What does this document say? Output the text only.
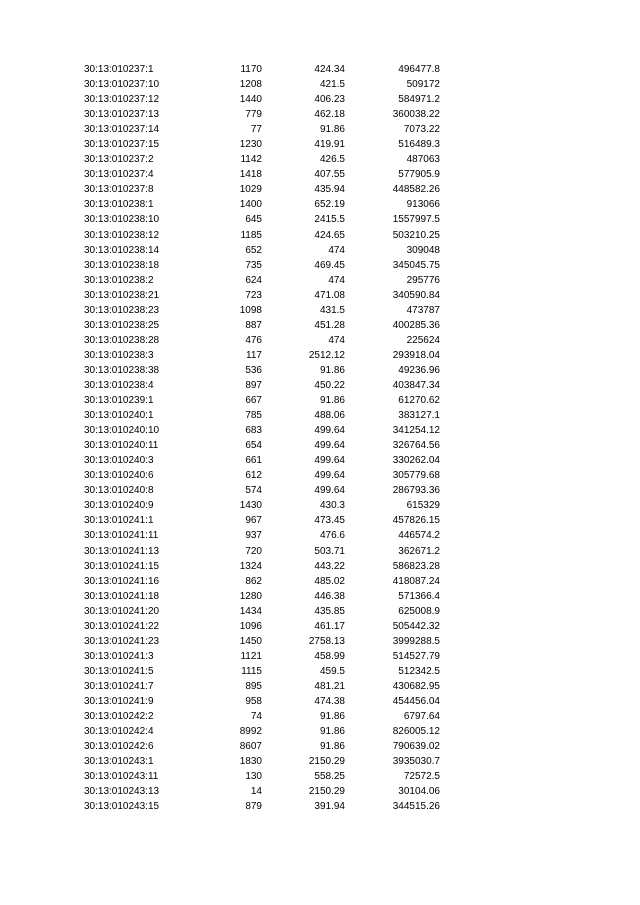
30:13:010237:1	1170	424.34	496477.8
30:13:010237:10	1208	421.5	509172
30:13:010237:12	1440	406.23	584971.2
30:13:010237:13	779	462.18	360038.22
30:13:010237:14	77	91.86	7073.22
30:13:010237:15	1230	419.91	516489.3
30:13:010237:2	1142	426.5	487063
30:13:010237:4	1418	407.55	577905.9
30:13:010237:8	1029	435.94	448582.26
30:13:010238:1	1400	652.19	913066
30:13:010238:10	645	2415.5	1557997.5
30:13:010238:12	1185	424.65	503210.25
30:13:010238:14	652	474	309048
30:13:010238:18	735	469.45	345045.75
30:13:010238:2	624	474	295776
30:13:010238:21	723	471.08	340590.84
30:13:010238:23	1098	431.5	473787
30:13:010238:25	887	451.28	400285.36
30:13:010238:28	476	474	225624
30:13:010238:3	117	2512.12	293918.04
30:13:010238:38	536	91.86	49236.96
30:13:010238:4	897	450.22	403847.34
30:13:010239:1	667	91.86	61270.62
30:13:010240:1	785	488.06	383127.1
30:13:010240:10	683	499.64	341254.12
30:13:010240:11	654	499.64	326764.56
30:13:010240:3	661	499.64	330262.04
30:13:010240:6	612	499.64	305779.68
30:13:010240:8	574	499.64	286793.36
30:13:010240:9	1430	430.3	615329
30:13:010241:1	967	473.45	457826.15
30:13:010241:11	937	476.6	446574.2
30:13:010241:13	720	503.71	362671.2
30:13:010241:15	1324	443.22	586823.28
30:13:010241:16	862	485.02	418087.24
30:13:010241:18	1280	446.38	571366.4
30:13:010241:20	1434	435.85	625008.9
30:13:010241:22	1096	461.17	505442.32
30:13:010241:23	1450	2758.13	3999288.5
30:13:010241:3	1121	458.99	514527.79
30:13:010241:5	1115	459.5	512342.5
30:13:010241:7	895	481.21	430682.95
30:13:010241:9	958	474.38	454456.04
30:13:010242:2	74	91.86	6797.64
30:13:010242:4	8992	91.86	826005.12
30:13:010242:6	8607	91.86	790639.02
30:13:010243:1	1830	2150.29	3935030.7
30:13:010243:11	130	558.25	72572.5
30:13:010243:13	14	2150.29	30104.06
30:13:010243:15	879	391.94	344515.26
